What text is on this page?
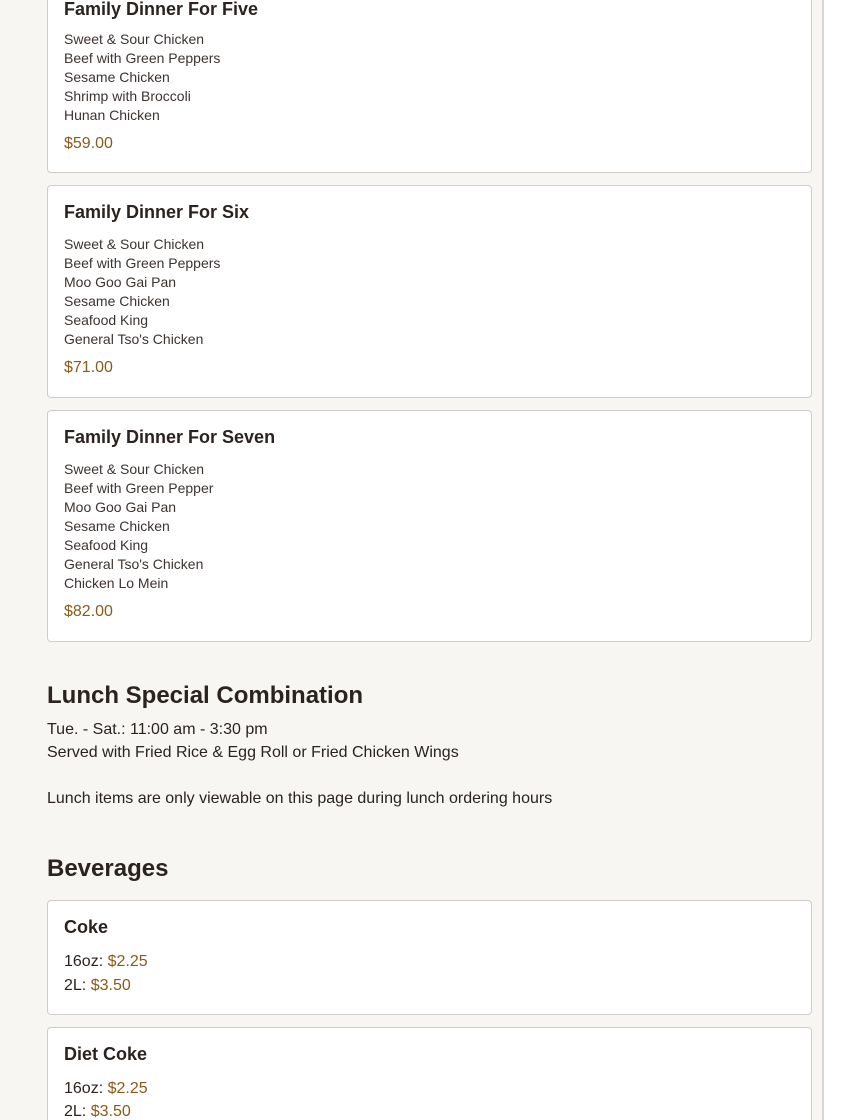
Family Dinner For Five
Sweet & Sour Chicken
Beef with Green Peppers
Sesame Chicken
Shrimp with Broccoli
Hunan Chicken
$59.00
Family Dinner For Six
Sweet & Sour Chicken
Beef with Green Peppers
Moo Goo Gai Pan
Sesame Chicken
Seafood King
General Tso's Chicken
$71.00
Family Dinner For Seven
Sweet & Sour Chicken
Beef with Green Pepper
Moo Goo Gai Pan
Sesame Chicken
Seafood King
General Tso's Chicken
Chicken Lo Mein
$82.00
Lunch Special Combination
Tue. - Sat.: 11:00 am - 3:30 pm
Served with Fried Rice & Egg Roll or Fried Chicken Wings
Lunch items are only viewable on this page during lunch ordering hours
Beverages
Coke
16oz: $2.25
2L: $3.50
Diet Coke
16oz: $2.25
2L: $3.50
